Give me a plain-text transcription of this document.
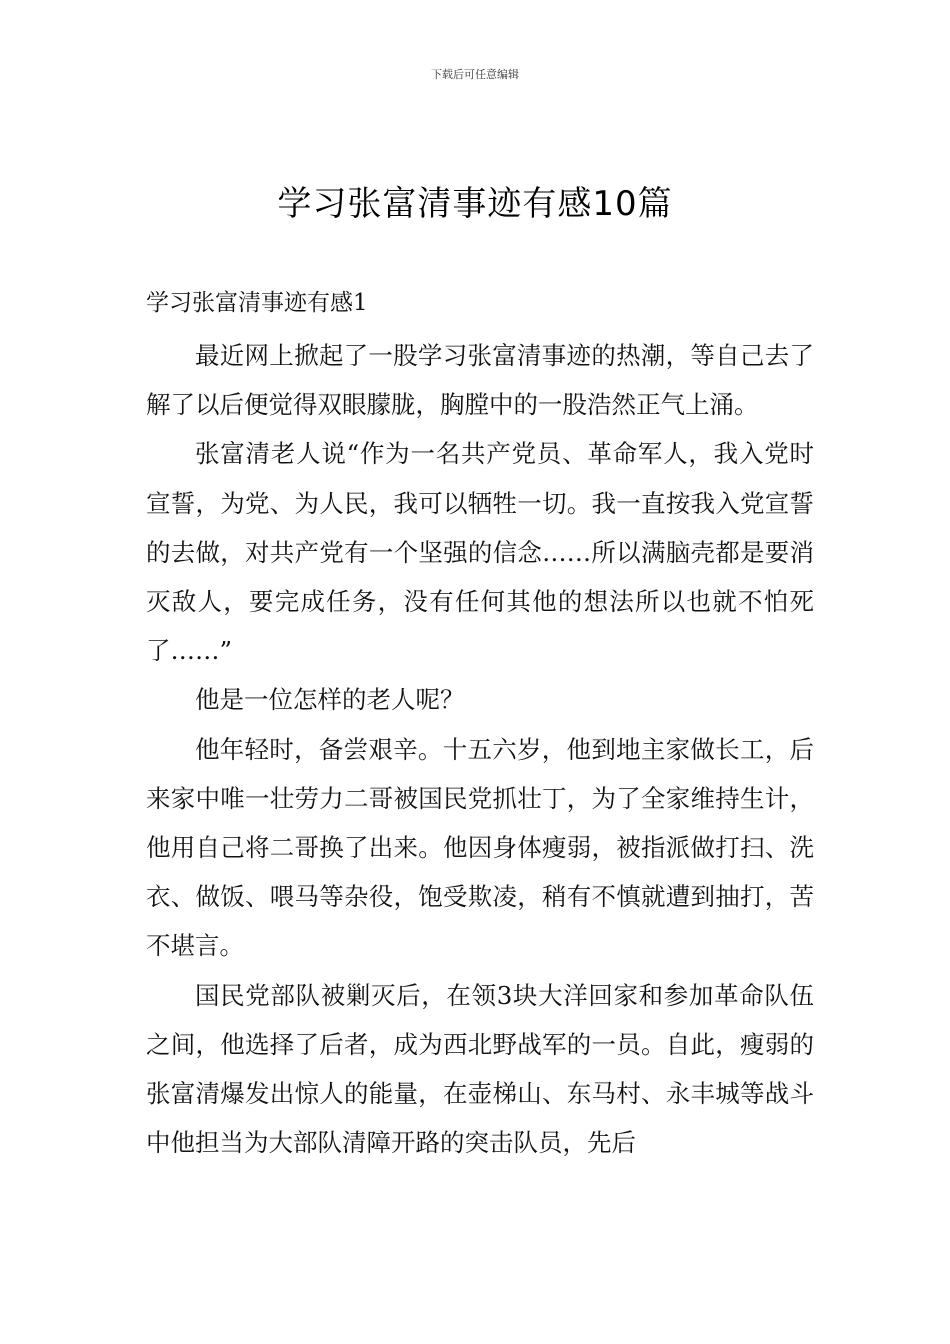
下载后可任意编辑
学习张富清事迹有感10篇
学习张富清事迹有感1

最近网上掀起了一股学习张富清事迹的热潮，等自己去了解了以后便觉得双眼朦胧，胸膛中的一股浩然正气上涌。

张富清老人说“作为一名共产党员、革命军人，我入党时宣誓，为党、为人民，我可以牺牲一切。我一直按我入党宣誓的去做，对共产党有一个坚强的信念……所以满脑壳都是要消灭敌人，要完成任务，没有任何其他的想法所以也就不怕死了……”

他是一位怎样的老人呢？

他年轻时，备尝艰辛。十五六岁，他到地主家做长工，后来家中唯一壮劳力二哥被国民党抓壮丁，为了全家维持生计，他用自己将二哥换了出来。他因身体瘦弱，被指派做打扫、洗衣、做饭、喂马等杂役，饱受欺凌，稍有不慎就遭到抽打，苦不堪言。

国民党部队被剿灭后，在领3块大洋回家和参加革命队伍之间，他选择了后者，成为西北野战军的一员。自此，瘦弱的张富清爆发出惊人的能量，在壶梯山、东马村、永丰城等战斗中他担当为大部队清障开路的突击队员，先后
